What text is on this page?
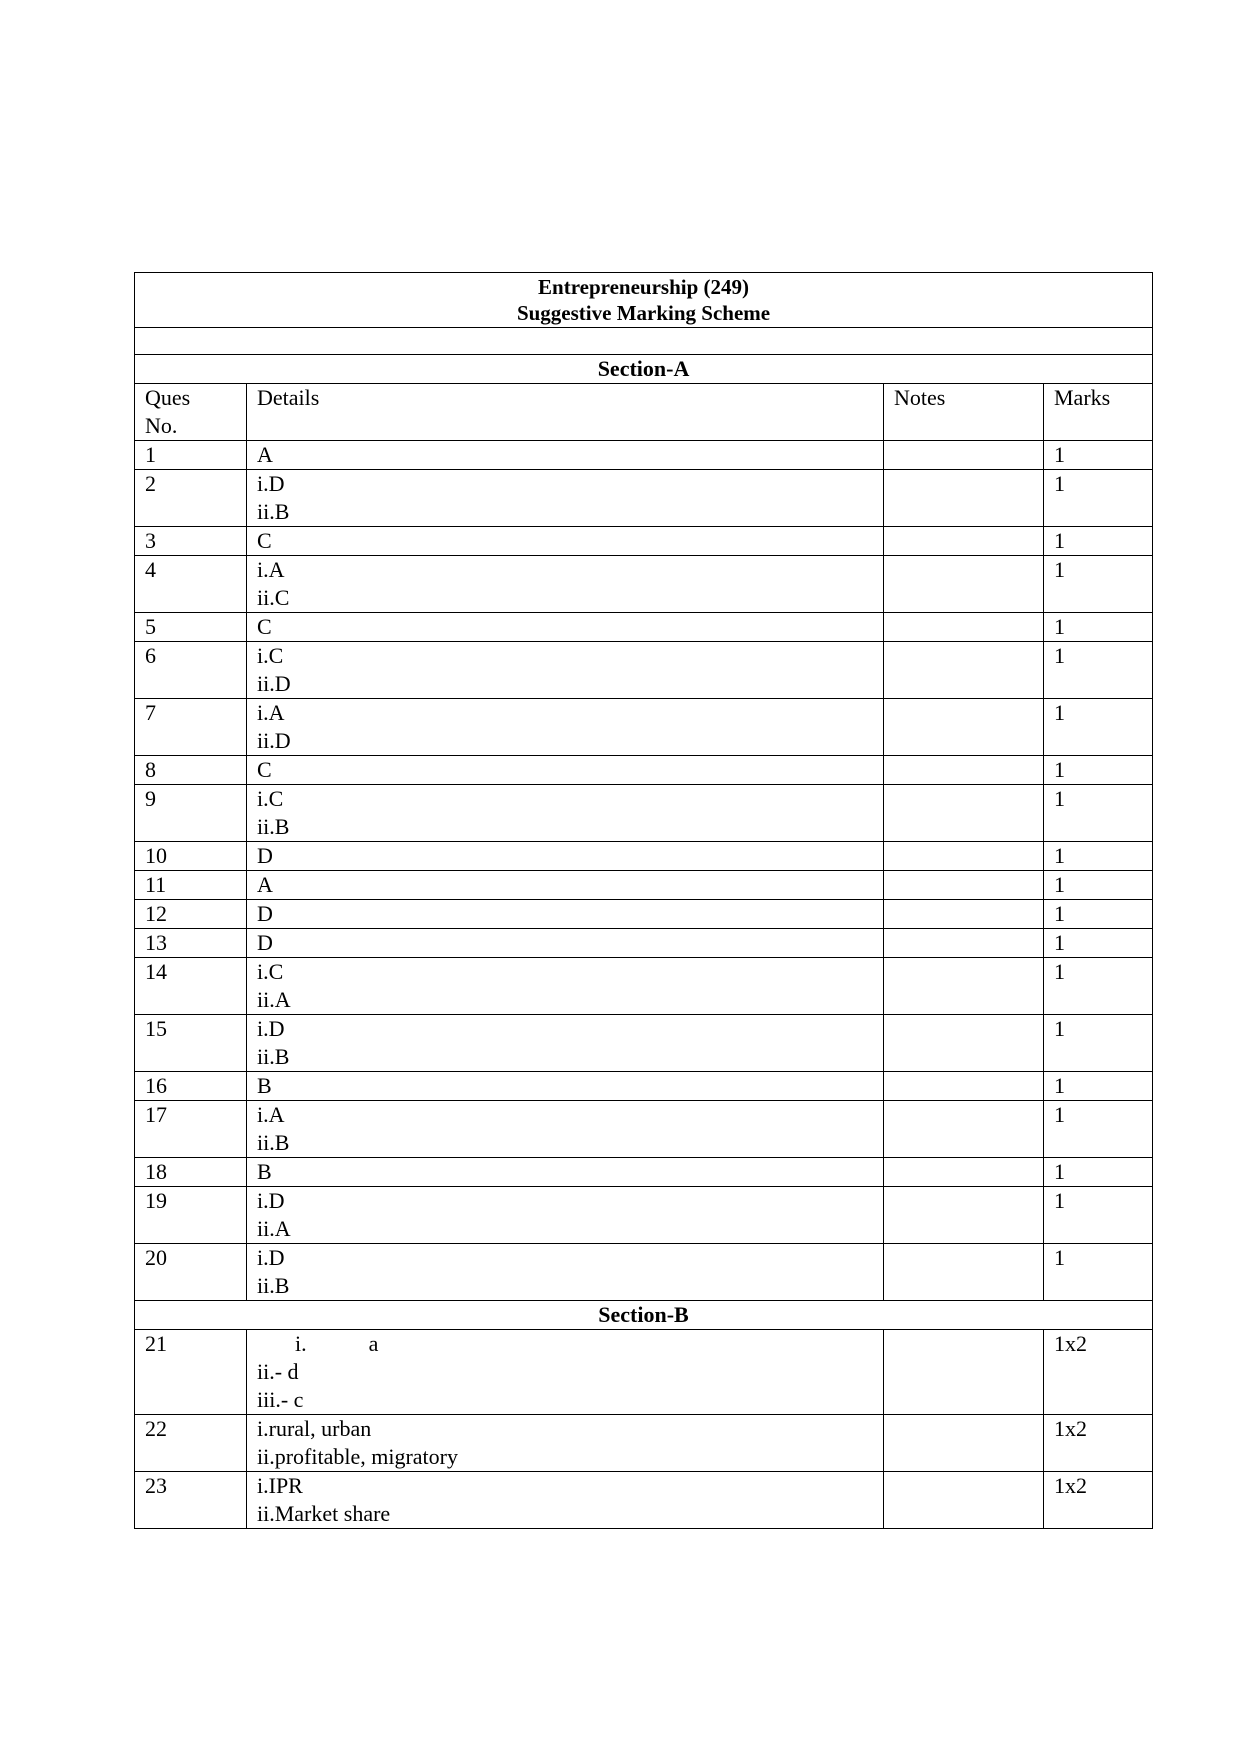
Entrepreneurship (249)
Suggestive Marking Scheme			

Section-A			

Ques
No.	Details	Notes	Marks
1	A		1
2	i.D
ii.B		1
3	C		1
4	i.A
ii.C		1
5	C		1
6	i.C
ii.D		1
7	i.A
ii.D		1
8	C		1
9	i.C
ii.B		1
10	D		1
11	A		1
12	D		1
13	D		1
14	i.C
ii.A		1
15	i.D
ii.B		1
16	B		1
17	i.A
ii.B		1
18	B		1
19	i.D
ii.A		1
20	i.D
ii.B		1
Section-B			
21	i. a
ii.- d
iii.- c		1x2
22	i.rural, urban
ii.profitable, migratory		1x2
23	i.IPR
ii.Market share		1x2
